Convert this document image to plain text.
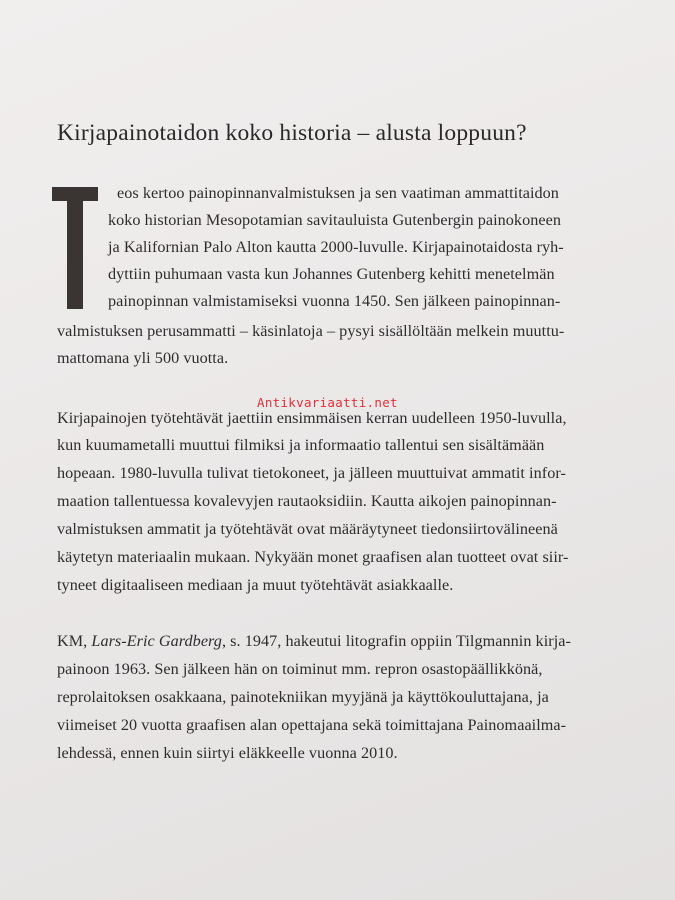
Kirjapainotaidon koko historia – alusta loppuun?
eos kertoo painopinnanvalmistuksen ja sen vaatiman ammattitaidon
koko historian Mesopotamian savitauluista Gutenbergin painokoneen
ja Kalifornian Palo Alton kautta 2000-luvulle. Kirjapainotaidosta ryh-
dyttiin puhumaan vasta kun Johannes Gutenberg kehitti menetelmän
painopinnan valmistamiseksi vuonna 1450. Sen jälkeen painopinnan-
valmistuksen perusammatti – käsinlatoja – pysyi sisällöltään melkein muuttu-
mattomana yli 500 vuotta.
Antikvariaatti.net
Kirjapainojen työtehtävät jaettiin ensimmäisen kerran uudelleen 1950-luvulla,
kun kuumametalli muuttui filmiksi ja informaatio tallentui sen sisältämään
hopeaan. 1980-luvulla tulivat tietokoneet, ja jälleen muuttuivat ammatit infor-
maation tallentuessa kovalevyjen rautaoksidiin. Kautta aikojen painopinnan-
valmistuksen ammatit ja työtehtävät ovat määräytyneet tiedonsiirtovälineenä
käytetyn materiaalin mukaan. Nykyään monet graafisen alan tuotteet ovat siir-
tyneet digitaaliseen mediaan ja muut työtehtävät asiakkaalle.
KM, Lars-Eric Gardberg, s. 1947, hakeutui litografin oppiin Tilgmannin kirja-
painoon 1963. Sen jälkeen hän on toiminut mm. repron osastopäällikkönä,
reprolaitoksen osakkaana, painotekniikan myyjänä ja käyttökouluttajana, ja
viimeiset 20 vuotta graafisen alan opettajana sekä toimittajana Painomaailma-
lehdessä, ennen kuin siirtyi eläkkeelle vuonna 2010.
